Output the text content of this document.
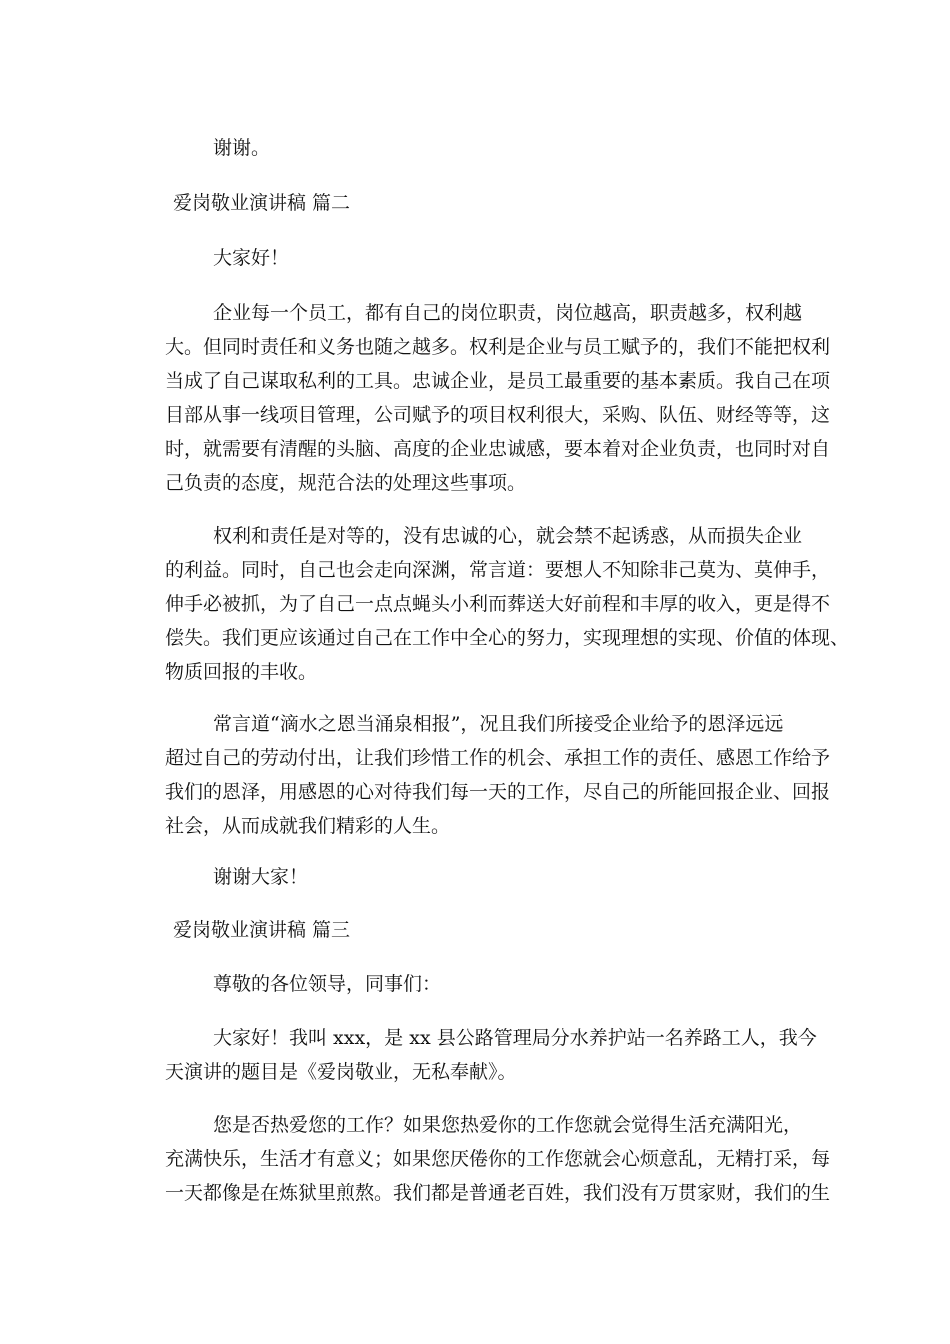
谢谢。
爱岗敬业演讲稿 篇二
大家好！
企业每一个员工，都有自己的岗位职责，岗位越高，职责越多，权利越
大。但同时责任和义务也随之越多。权利是企业与员工赋予的，我们不能把权利
当成了自己谋取私利的工具。忠诚企业，是员工最重要的基本素质。我自己在项
目部从事一线项目管理，公司赋予的项目权利很大，采购、队伍、财经等等，这
时，就需要有清醒的头脑、高度的企业忠诚感，要本着对企业负责，也同时对自
己负责的态度，规范合法的处理这些事项。
权利和责任是对等的，没有忠诚的心，就会禁不起诱惑，从而损失企业
的利益。同时，自己也会走向深渊，常言道：要想人不知除非己莫为、莫伸手，
伸手必被抓，为了自己一点点蝇头小利而葬送大好前程和丰厚的收入，更是得不
偿失。我们更应该通过自己在工作中全心的努力，实现理想的实现、价值的体现、
物质回报的丰收。
常言道“滴水之恩当涌泉相报”，况且我们所接受企业给予的恩泽远远
超过自己的劳动付出，让我们珍惜工作的机会、承担工作的责任、感恩工作给予
我们的恩泽，用感恩的心对待我们每一天的工作，尽自己的所能回报企业、回报
社会，从而成就我们精彩的人生。
谢谢大家！
爱岗敬业演讲稿 篇三
尊敬的各位领导，同事们：
大家好！我叫 xxx，是 xx 县公路管理局分水养护站一名养路工人，我今
天演讲的题目是《爱岗敬业，无私奉献》。
您是否热爱您的工作？如果您热爱你的工作您就会觉得生活充满阳光，
充满快乐，生活才有意义；如果您厌倦你的工作您就会心烦意乱，无精打采，每
一天都像是在炼狱里煎熬。我们都是普通老百姓，我们没有万贯家财，我们的生
